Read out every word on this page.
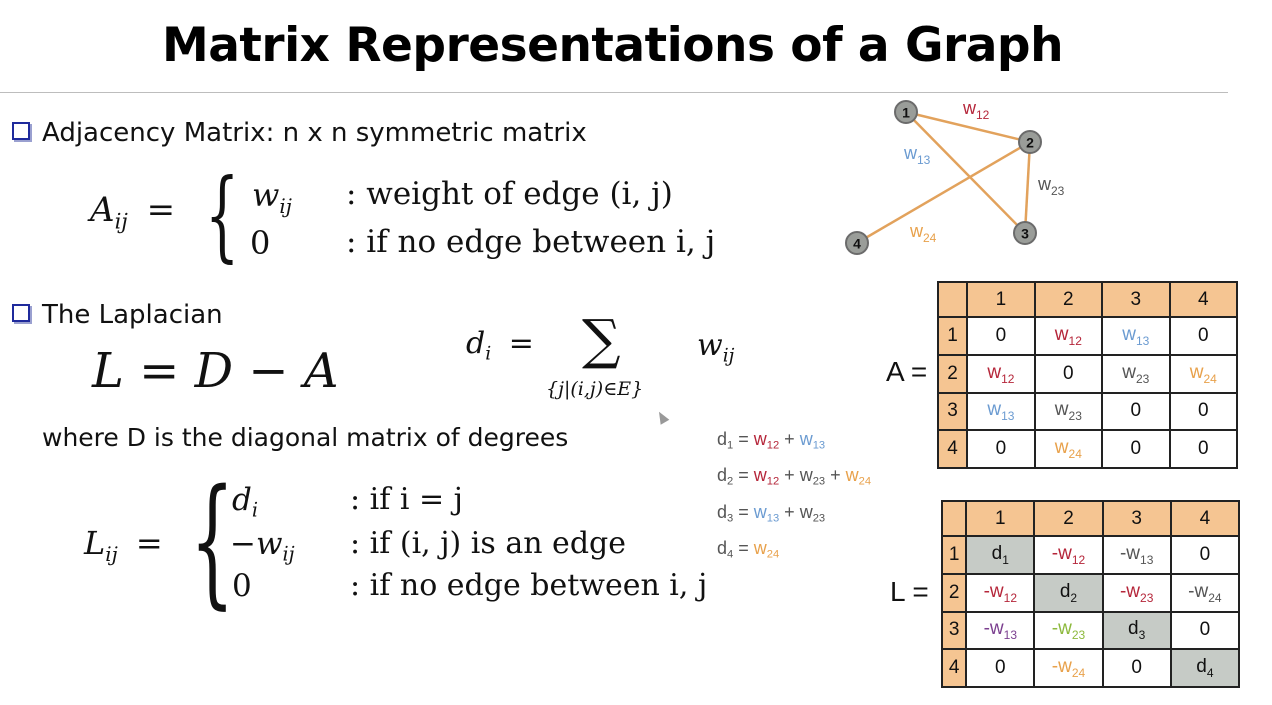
Matrix Representations of a Graph
Adjacency Matrix: n x n symmetric matrix
$A_{ij}$ = { $w_{ij}$ : weight of edge (i, j)
0 : if no edge between i, j
The Laplacian
L = D − A	$d_i$ = ∑
{j|(i,j)∈E}
$w_{ij}$
where D is the diagonal matrix of degrees
$L_{ij}$ = {
$d_i$	: if i = j
$-w_{ij}$ : if (i, j) is an edge
0	: if no edge between i, j
1
2
3
4
$w_{12}$
$w_{13}$
$w_{23}$
$w_{24}$
$d_1 = w_{12} + w_{13}$
$d_2 = w_{12} + w_{23} + w_{24}$
$d_3 = w_{13} + w_{23}$
$d_4 = w_{24}$
A =
L =
	1	2	3	4
1	0	$w_{12}$	$w_{13}$	0
2	$w_{12}$	0	$w_{23}$	$w_{24}$
3	$w_{13}$	$w_{23}$	0	0
4	0	$w_{24}$	0	0
	1	2	3	4
1	$d_1$	$-w_{12}$	$-w_{13}$	0
2	$-w_{12}$	$d_2$	$-w_{23}$	$-w_{24}$
3	$-w_{13}$	$-w_{23}$	$d_3$	0
4	0	$-w_{24}$	0	$d_4$
